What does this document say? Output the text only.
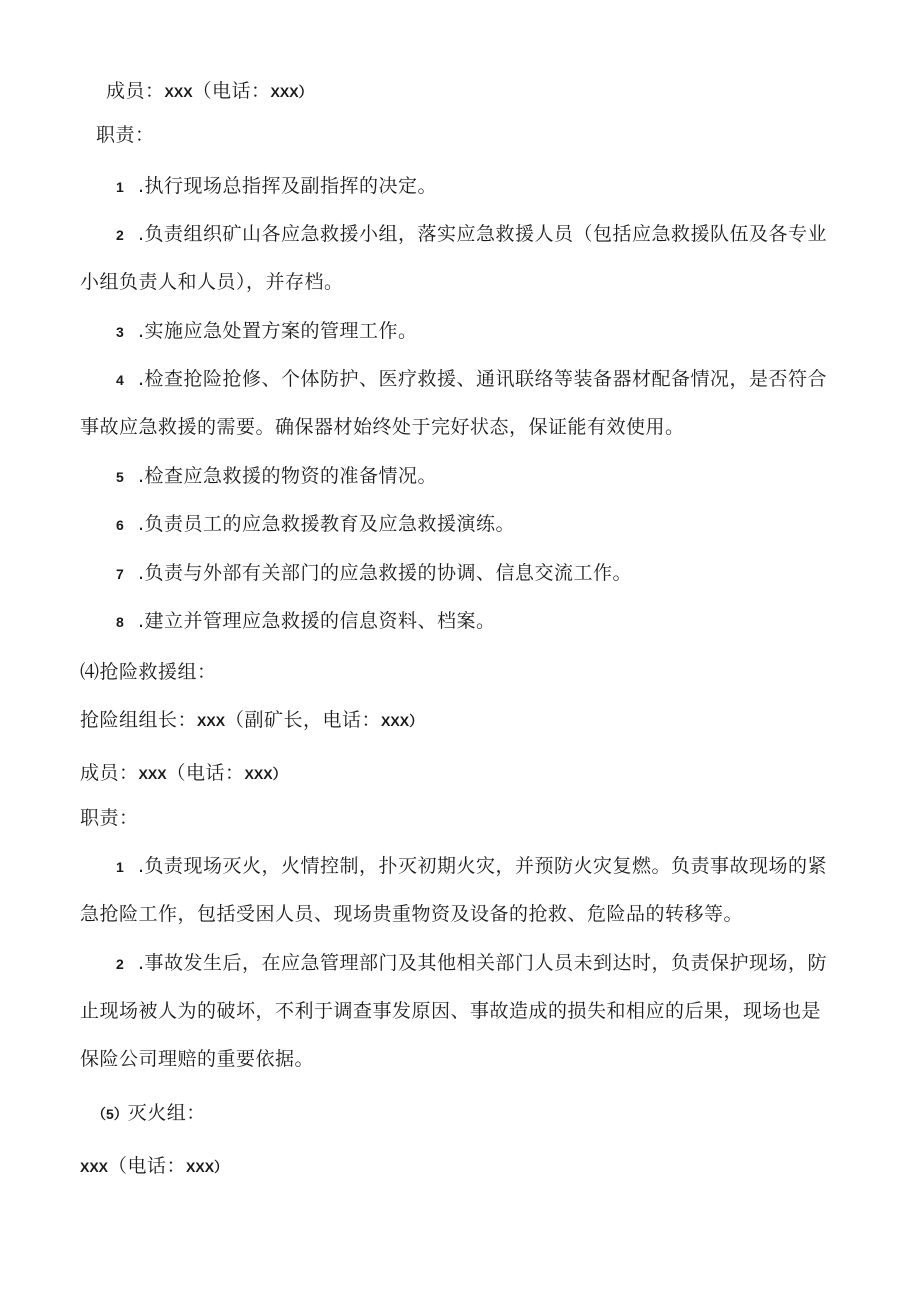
成员：XXX（电话：XXX）
职责：
1 .执行现场总指挥及副指挥的决定。
2 .负责组织矿山各应急救援小组，落实应急救援人员（包括应急救援队伍及各专业
小组负责人和人员），并存档。
3 .实施应急处置方案的管理工作。
4 .检查抢险抢修、个体防护、医疗救援、通讯联络等装备器材配备情况，是否符合
事故应急救援的需要。确保器材始终处于完好状态，保证能有效使用。
5 .检查应急救援的物资的准备情况。
6 .负责员工的应急救援教育及应急救援演练。
7 .负责与外部有关部门的应急救援的协调、信息交流工作。
8 .建立并管理应急救援的信息资料、档案。
⑷抢险救援组：
抢险组组长：XXX（副矿长，电话：XXX）
成员：XXX（电话：XXX）
职责：
1 .负责现场灭火，火情控制，扑灭初期火灾，并预防火灾复燃。负责事故现场的紧
急抢险工作，包括受困人员、现场贵重物资及设备的抢救、危险品的转移等。
2 .事故发生后，在应急管理部门及其他相关部门人员未到达时，负责保护现场，防
止现场被人为的破坏，不利于调查事发原因、事故造成的损失和相应的后果，现场也是
保险公司理赔的重要依据。
（5）灭火组：
XXX（电话：XXX）
